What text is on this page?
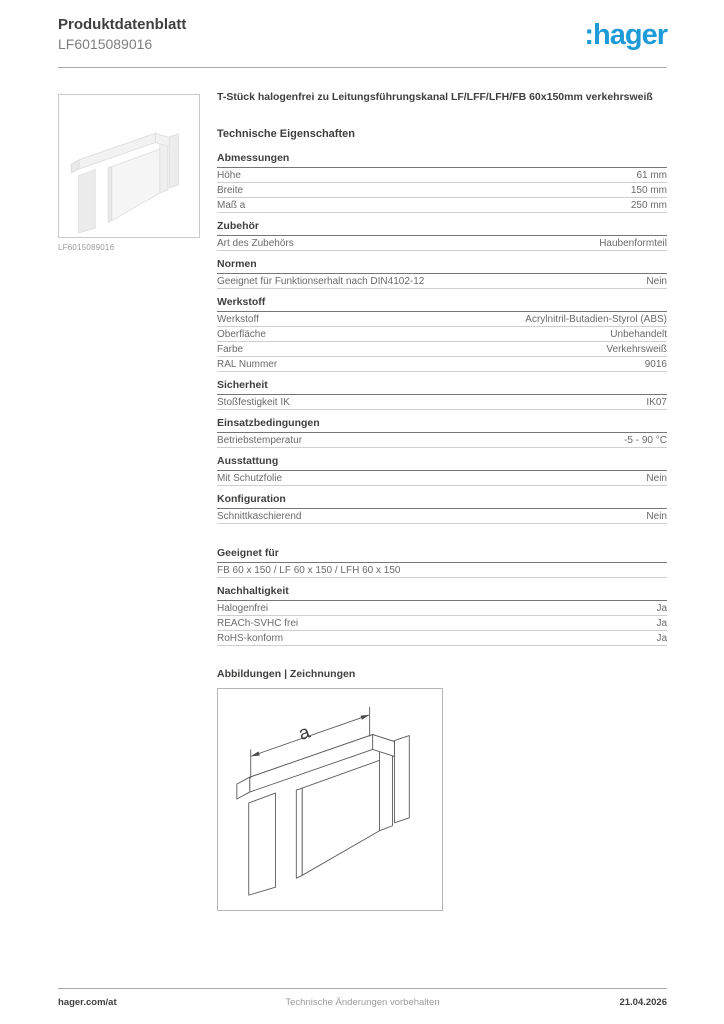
Produktdatenblatt
LF6015089016	:hager
LF6015089016
T-Stück halogenfrei zu Leitungsführungskanal LF/LFF/LFH/FB 60x150mm verkehrsweiß
Technische Eigenschaften
Abmessungen
Höhe	61 mm
Breite	150 mm
Maß a	250 mm
Zubehör
Art des Zubehörs	Haubenformteil
Normen
Geeignet für Funktionserhalt nach DIN4102-12	Nein
Werkstoff
Werkstoff	Acrylnitril-Butadien-Styrol (ABS)
Oberfläche	Unbehandelt
Farbe	Verkehrsweiß
RAL Nummer	9016
Sicherheit
Stoßfestigkeit IK	IK07
Einsatzbedingungen
Betriebstemperatur	-5 - 90 °C
Ausstattung
Mit Schutzfolie	Nein
Konfiguration
Schnittkaschierend	Nein
Geeignet für
FB 60 x 150 / LF 60 x 150 / LFH 60 x 150
Nachhaltigkeit
Halogenfrei	Ja
REACh-SVHC frei	Ja
RoHS-konform	Ja
Abbildungen | Zeichnungen
a
hager.com/at	Technische Änderungen vorbehalten	21.04.2026
